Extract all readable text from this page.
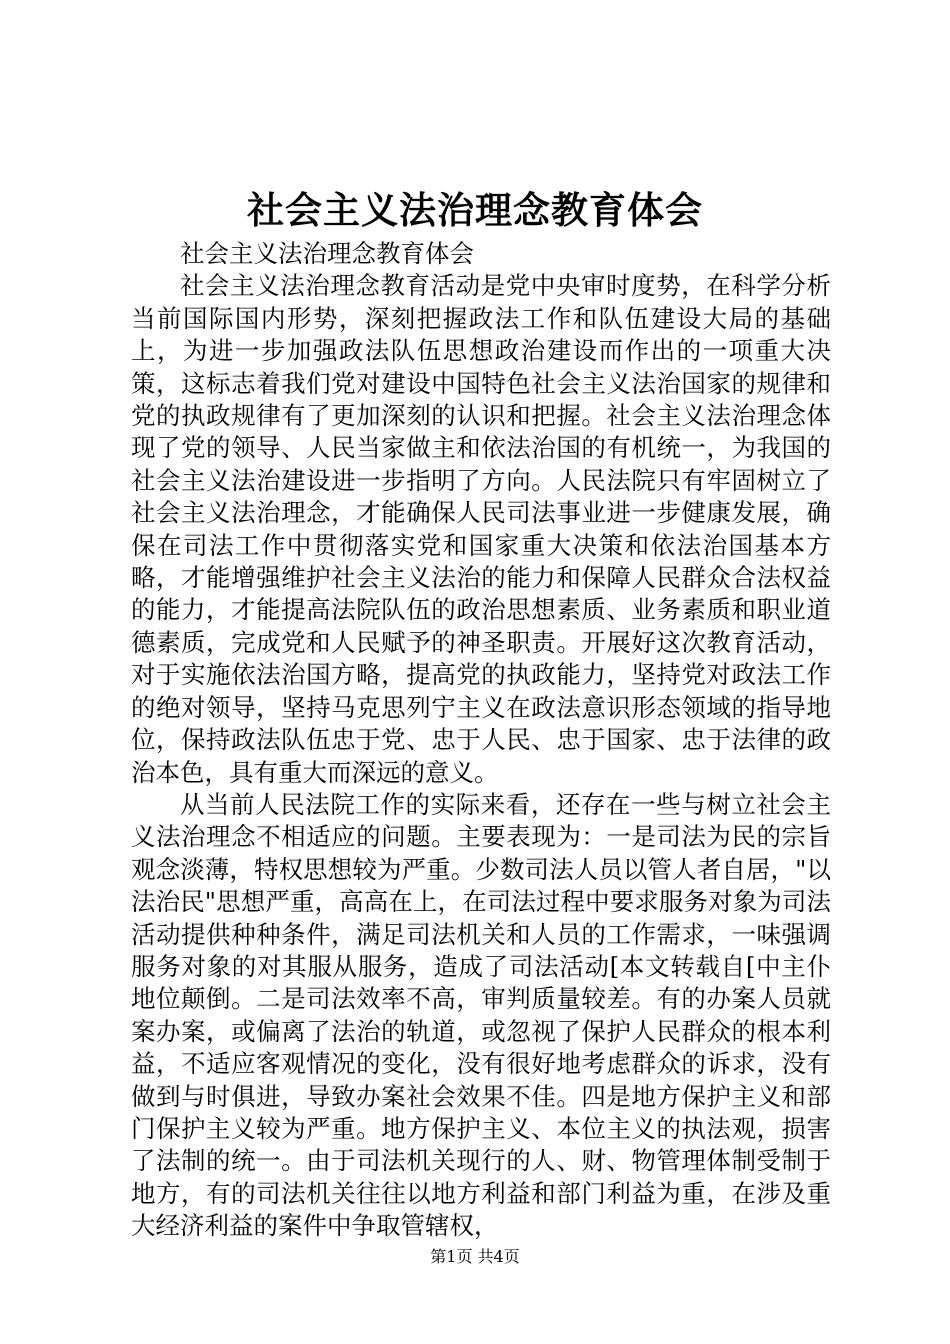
社会主义法治理念教育体会

社会主义法治理念教育体会

社会主义法治理念教育活动是党中央审时度势，在科学分析当前国际国内形势，深刻把握政法工作和队伍建设大局的基础上，为进一步加强政法队伍思想政治建设而作出的一项重大决策，这标志着我们党对建设中国特色社会主义法治国家的规律和党的执政规律有了更加深刻的认识和把握。社会主义法治理念体现了党的领导、人民当家做主和依法治国的有机统一，为我国的社会主义法治建设进一步指明了方向。人民法院只有牢固树立了社会主义法治理念，才能确保人民司法事业进一步健康发展，确保在司法工作中贯彻落实党和国家重大决策和依法治国基本方略，才能增强维护社会主义法治的能力和保障人民群众合法权益的能力，才能提高法院队伍的政治思想素质、业务素质和职业道德素质，完成党和人民赋予的神圣职责。开展好这次教育活动，对于实施依法治国方略，提高党的执政能力，坚持党对政法工作的绝对领导，坚持马克思列宁主义在政法意识形态领域的指导地位，保持政法队伍忠于党、忠于人民、忠于国家、忠于法律的政治本色，具有重大而深远的意义。

从当前人民法院工作的实际来看，还存在一些与树立社会主义法治理念不相适应的问题。主要表现为：一是司法为民的宗旨观念淡薄，特权思想较为严重。少数司法人员以管人者自居，"以法治民"思想严重，高高在上，在司法过程中要求服务对象为司法活动提供种种条件，满足司法机关和人员的工作需求，一味强调服务对象的对其服从服务，造成了司法活动[本文转载自[中主仆地位颠倒。二是司法效率不高，审判质量较差。有的办案人员就案办案，或偏离了法治的轨道，或忽视了保护人民群众的根本利益，不适应客观情况的变化，没有很好地考虑群众的诉求，没有做到与时俱进，导致办案社会效果不佳。四是地方保护主义和部门保护主义较为严重。地方保护主义、本位主义的执法观，损害了法制的统一。由于司法机关现行的人、财、物管理体制受制于地方，有的司法机关往往以地方利益和部门利益为重，在涉及重大经济利益的案件中争取管辖权，

第1页 共4页
